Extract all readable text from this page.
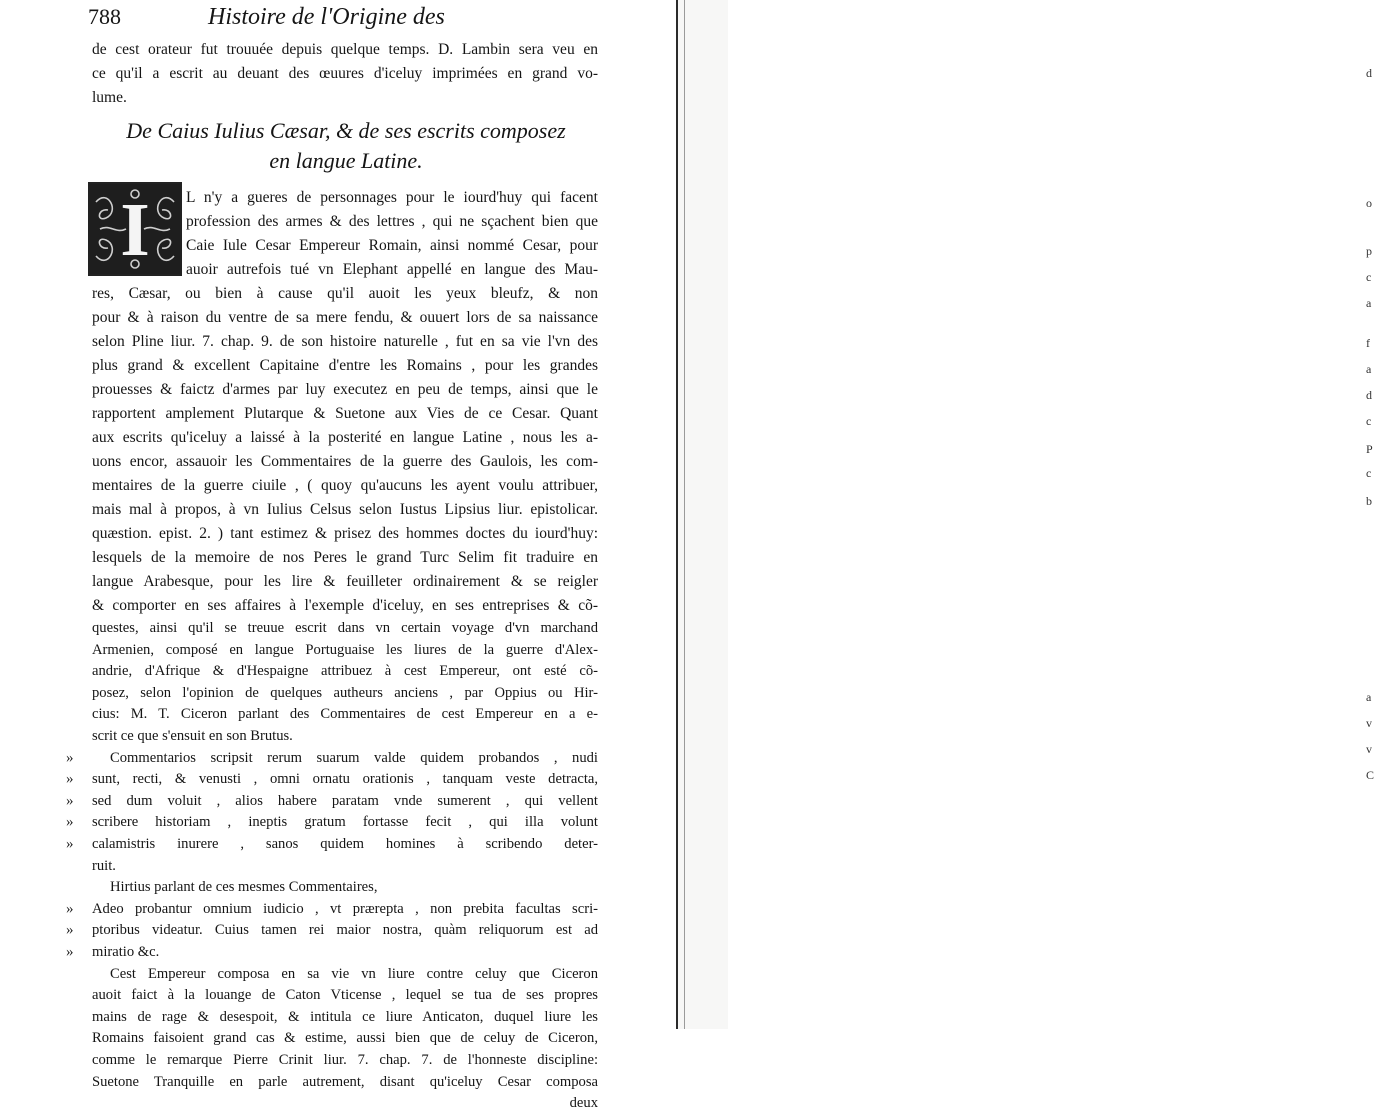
d
o
p
c
a
f
a
d
c
P
c
b
a
v
v
C
788	Histoire de l'Origine des
de cest orateur fut trouuée depuis quelque temps. D. Lambin sera veu en
ce qu'il a escrit au deuant des œuures d'iceluy imprimées en grand vo-
lume.
De Caius Iulius Cæsar, & de ses escrits composez
en langue Latine.
I	L n'y a gueres de personnages pour le iourd'huy qui facent
profession des armes & des lettres , qui ne sçachent bien que
Caie Iule Cesar Empereur Romain, ainsi nommé Cesar, pour
auoir autrefois tué vn Elephant appellé en langue des Mau-
res, Cæsar, ou bien à cause qu'il auoit les yeux bleufz, & non
pour & à raison du ventre de sa mere fendu, & ouuert lors de sa naissance
selon Pline liur. 7. chap. 9. de son histoire naturelle , fut en sa vie l'vn des
plus grand & excellent Capitaine d'entre les Romains , pour les grandes
prouesses & faictz d'armes par luy executez en peu de temps, ainsi que le
rapportent amplement Plutarque & Suetone aux Vies de ce Cesar. Quant
aux escrits qu'iceluy a laissé à la posterité en langue Latine , nous les a-
uons encor, assauoir les Commentaires de la guerre des Gaulois, les com-
mentaires de la guerre ciuile , ( quoy qu'aucuns les ayent voulu attribuer,
mais mal à propos, à vn Iulius Celsus selon Iustus Lipsius liur. epistolicar.
quæstion. epist. 2. ) tant estimez & prisez des hommes doctes du iourd'huy:
lesquels de la memoire de nos Peres le grand Turc Selim fit traduire en
langue Arabesque, pour les lire & feuilleter ordinairement & se reigler
& comporter en ses affaires à l'exemple d'iceluy, en ses entreprises & cõ-
questes, ainsi qu'il se treuue escrit dans vn certain voyage d'vn marchand
Armenien, composé en langue Portuguaise les liures de la guerre d'Alex-
andrie, d'Afrique & d'Hespaigne attribuez à cest Empereur, ont esté cõ-
posez, selon l'opinion de quelques autheurs anciens , par Oppius ou Hir-
cius: M. T. Ciceron parlant des Commentaires de cest Empereur en a e-
scrit ce que s'ensuit en son Brutus.
»	Commentarios scripsit rerum suarum valde quidem probandos , nudi
» sunt, recti, & venusti , omni ornatu orationis , tanquam veste detracta,
» sed dum voluit , alios habere paratam vnde sumerent , qui vellent
» scribere historiam , ineptis gratum fortasse fecit , qui illa volunt
» calamistris inurere , sanos quidem homines à scribendo deter-
ruit.
Hirtius parlant de ces mesmes Commentaires,
» Adeo probantur omnium iudicio , vt prærepta , non prebita facultas scri-
» ptoribus videatur. Cuius tamen rei maior nostra, quàm reliquorum est ad
» miratio &c.
Cest Empereur composa en sa vie vn liure contre celuy que Ciceron
auoit faict à la louange de Caton Vticense , lequel se tua de ses propres
mains de rage & desespoit, & intitula ce liure Anticaton, duquel liure les
Romains faisoient grand cas & estime, aussi bien que de celuy de Ciceron,
comme le remarque Pierre Crinit liur. 7. chap. 7. de l'honneste discipline:
Suetone Tranquille en parle autrement, disant qu'iceluy Cesar composa
deux
